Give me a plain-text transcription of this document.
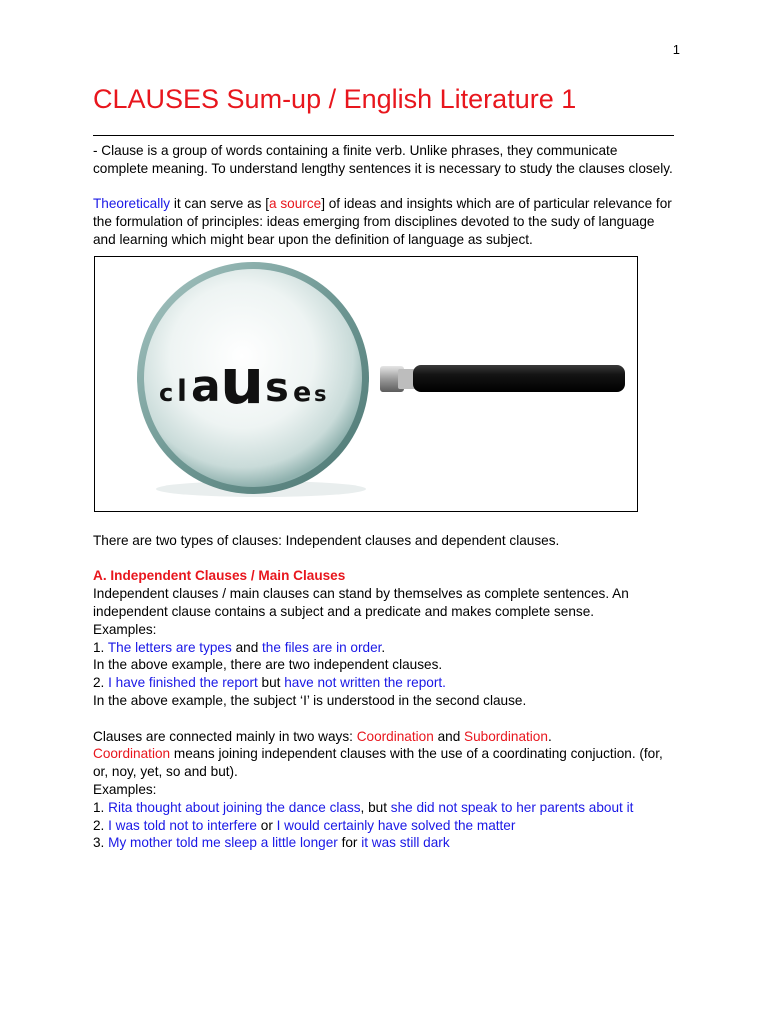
1
CLAUSES Sum-up / English Literature 1

- Clause is a group of words containing a finite verb. Unlike phrases, they communicate complete meaning. To understand lengthy sentences it is necessary to study the clauses closely.

Theoretically it can serve as [a source] of ideas and insights which are of particular relevance for the formulation of principles: ideas emerging from disciplines devoted to the sudy of language and learning which might bear upon the definition of language as subject.

c l a u s e s

There are two types of clauses: Independent clauses and dependent clauses.

A. Independent Clauses / Main Clauses

Independent clauses / main clauses can stand by themselves as complete sentences. An independent clause contains a subject and a predicate and makes complete sense.

Examples:

1. The letters are types and the files are in order.

In the above example, there are two independent clauses.

2. I have finished the report but have not written the report.

In the above example, the subject ‘I’ is understood in the second clause.

Clauses are connected mainly in two ways: Coordination and Subordination.

Coordination means joining independent clauses with the use of a coordinating conjuction. (for, or, noy, yet, so and but).

Examples:

1. Rita thought about joining the dance class, but she did not speak to her parents about it

2. I was told not to interfere or I would certainly have solved the matter

3. My mother told me sleep a little longer for it was still dark
